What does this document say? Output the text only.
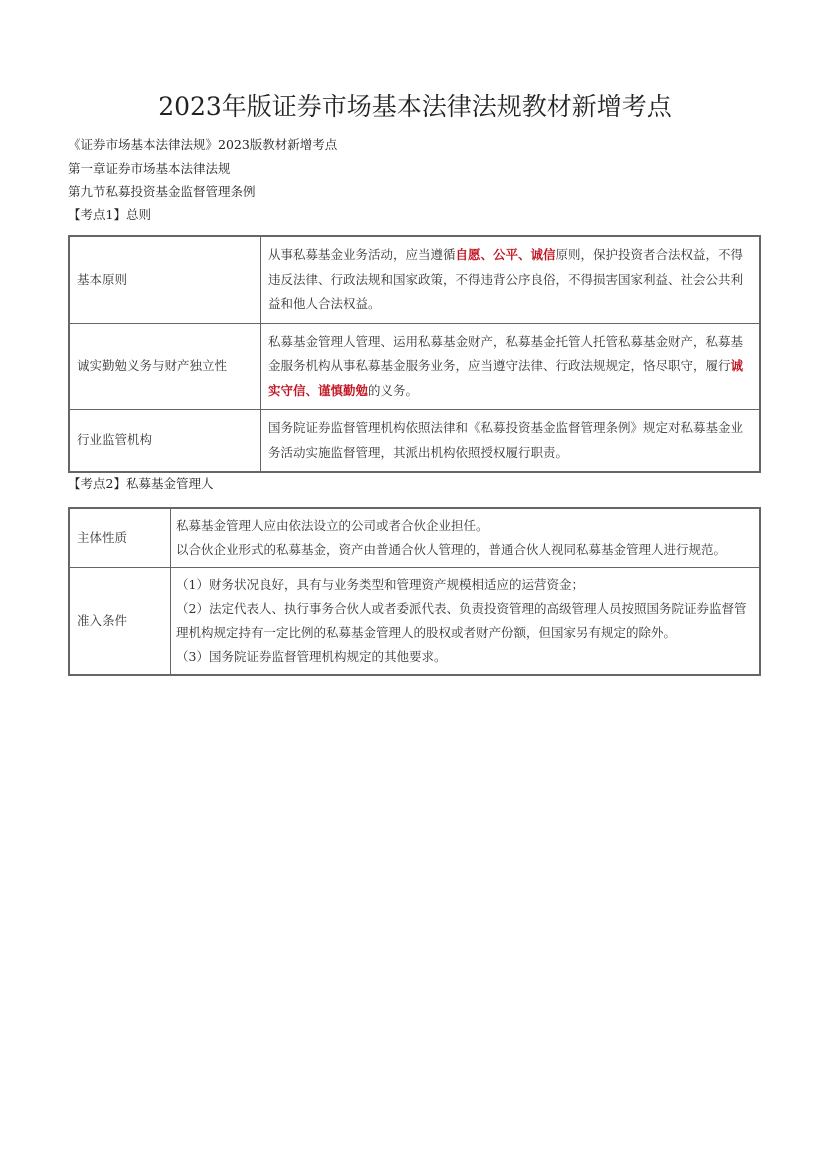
2023年版证券市场基本法律法规教材新增考点
《证券市场基本法律法规》2023版教材新增考点
第一章证券市场基本法律法规
第九节私募投资基金监督管理条例
【考点1】总则
基本原则	从事私募基金业务活动，应当遵循自愿、公平、诚信原则，保护投资者合法权益，不得违反法律、行政法规和国家政策，不得违背公序良俗，不得损害国家利益、社会公共利益和他人合法权益。
诚实勤勉义务与财产独立性	私募基金管理人管理、运用私募基金财产，私募基金托管人托管私募基金财产，私募基金服务机构从事私募基金服务业务，应当遵守法律、行政法规规定，恪尽职守，履行诚实守信、谨慎勤勉的义务。
行业监管机构	国务院证券监督管理机构依照法律和《私募投资基金监督管理条例》规定对私募基金业务活动实施监督管理，其派出机构依照授权履行职责。
【考点2】私募基金管理人
主体性质	私募基金管理人应由依法设立的公司或者合伙企业担任。
以合伙企业形式的私募基金，资产由普通合伙人管理的，普通合伙人视同私募基金管理人进行规范。

准入条件	（1）财务状况良好，具有与业务类型和管理资产规模相适应的运营资金；
（2）法定代表人、执行事务合伙人或者委派代表、负责投资管理的高级管理人员按照国务院证券监督管理机构规定持有一定比例的私募基金管理人的股权或者财产份额，但国家另有规定的除外。
（3）国务院证券监督管理机构规定的其他要求。
